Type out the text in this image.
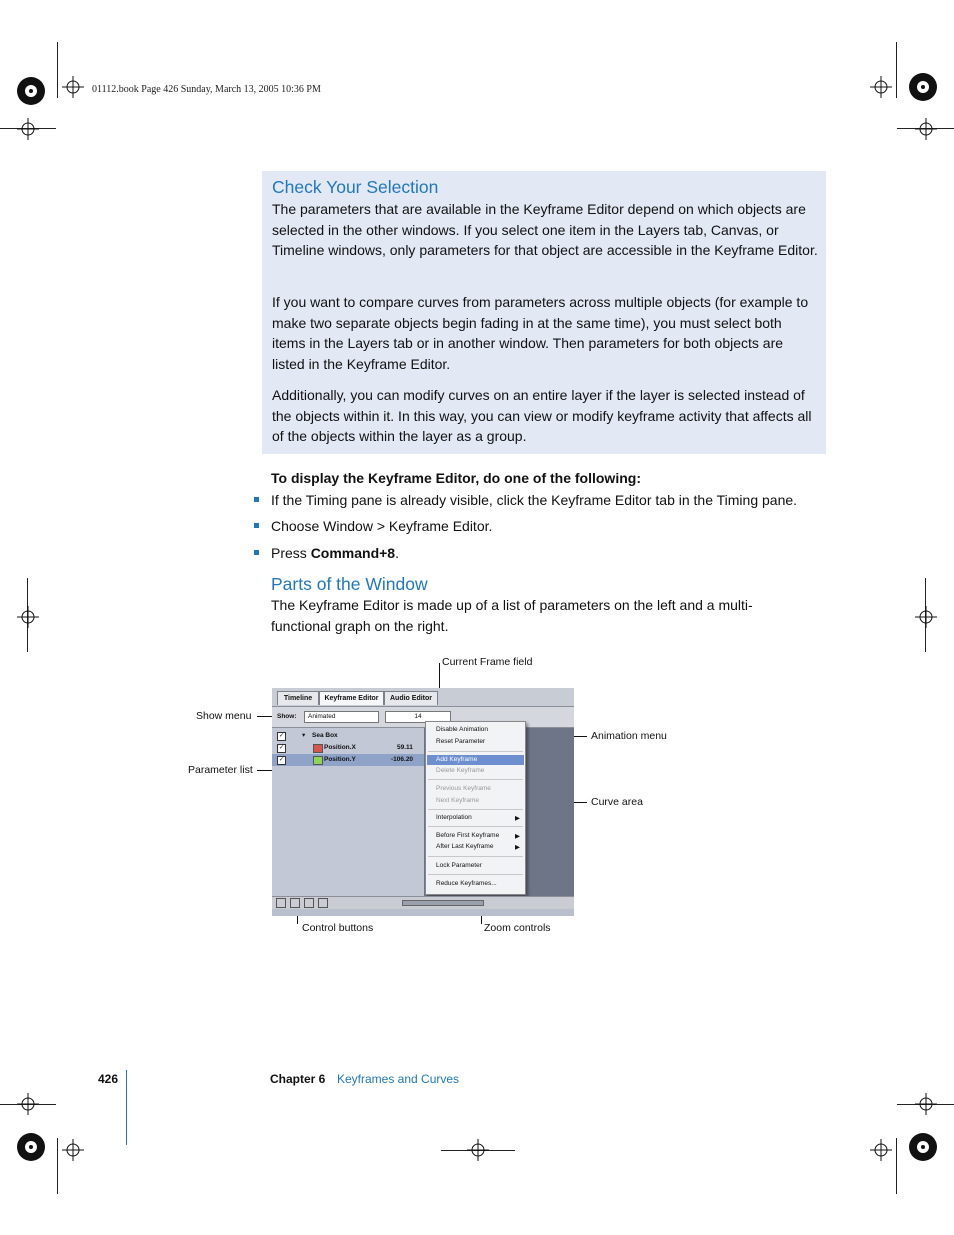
01112.book Page 426 Sunday, March 13, 2005 10:36 PM
Check Your Selection
The parameters that are available in the Keyframe Editor depend on which objects are selected in the other windows. If you select one item in the Layers tab, Canvas, or Timeline windows, only parameters for that object are accessible in the Keyframe Editor.
If you want to compare curves from parameters across multiple objects (for example to make two separate objects begin fading in at the same time), you must select both items in the Layers tab or in another window. Then parameters for both objects are listed in the Keyframe Editor.
Additionally, you can modify curves on an entire layer if the layer is selected instead of the objects within it. In this way, you can view or modify keyframe activity that affects all of the objects within the layer as a group.
To display the Keyframe Editor, do one of the following:
If the Timing pane is already visible, click the Keyframe Editor tab in the Timing pane.
Choose Window > Keyframe Editor.
Press Command+8.
Parts of the Window
The Keyframe Editor is made up of a list of parameters on the left and a multi-functional graph on the right.
Current Frame field
Show menu
Animation menu
Parameter list
Curve area
Control buttons	Zoom controls
Timeline	Keyframe Editor	Audio Editor
Show:	Animated	14
✓	▾ Sea Box
✓	Position.X	59.11
✓	Position.Y	-106.20
Disable Animation
Reset Parameter
Add Keyframe
Delete Keyframe
Previous Keyframe
Next Keyframe
Interpolation	▶
Before First Keyframe ▶
After Last Keyframe	▶
Lock Parameter
Reduce Keyframes...
426	Chapter 6 Keyframes and Curves
